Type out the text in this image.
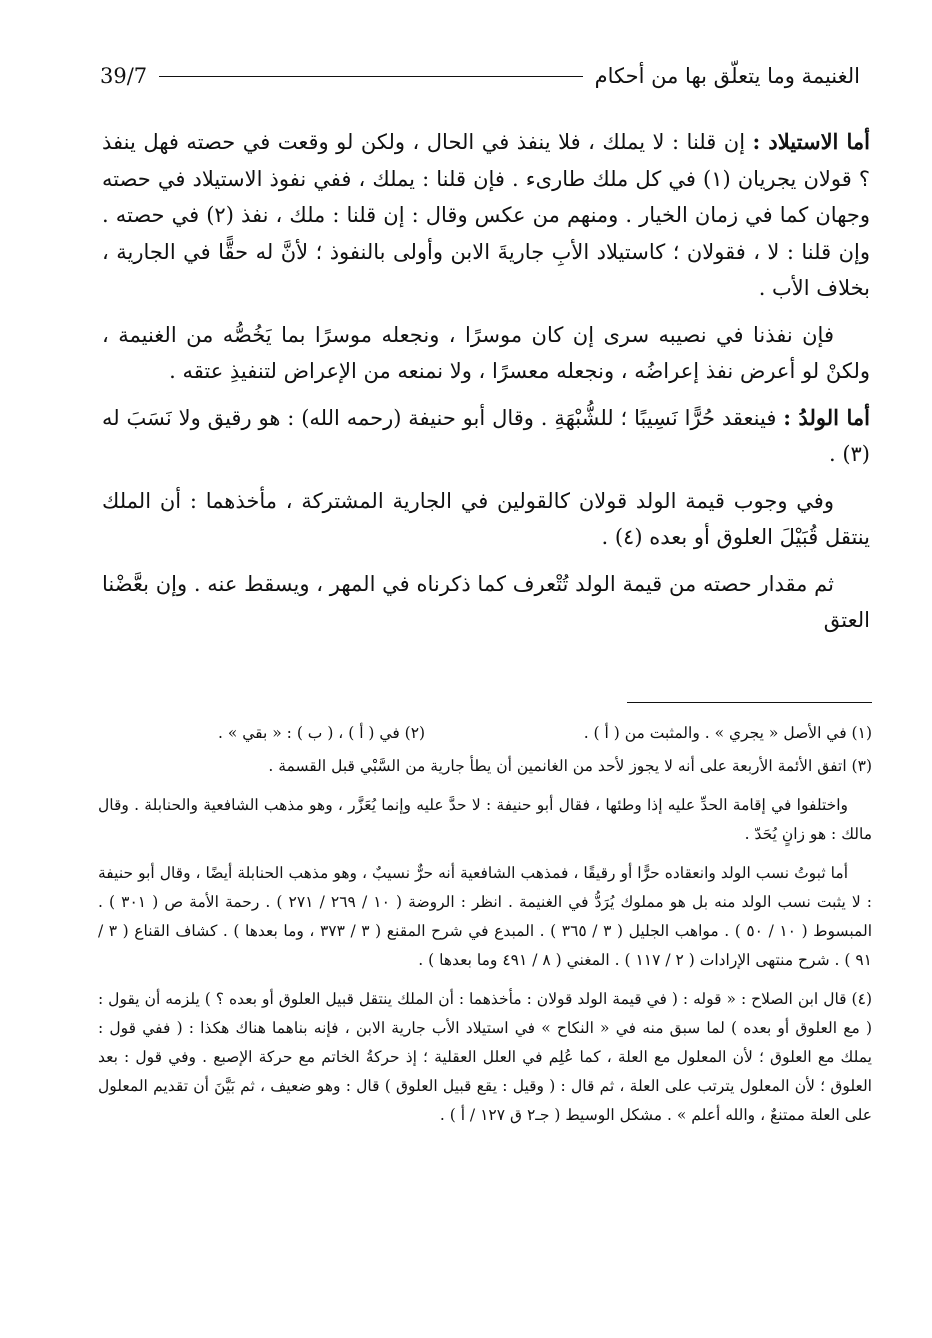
الغنيمة وما يتعلّق بها من أحكام
39/7

أما الاستيلاد : إن قلنا : لا يملك ، فلا ينفذ في الحال ، ولكن لو وقعت في حصته فهل ينفذ ؟ قولان يجريان (١) في كل ملك طارىء . فإن قلنا : يملك ، ففي نفوذ الاستيلاد في حصته وجهان كما في زمان الخيار . ومنهم من عكس وقال : إن قلنا : ملك ، نفذ (٢) في حصته . وإن قلنا : لا ، فقولان ؛ كاستيلاد الأبِ جاريةَ الابن وأولى بالنفوذ ؛ لأنَّ له حقًّا في الجارية ، بخلاف الأب .

فإن نفذنا في نصيبه سرى إن كان موسرًا ، ونجعله موسرًا بما يَخُصُّه من الغنيمة ، ولكنْ لو أعرض نفذ إعراضُه ، ونجعله معسرًا ، ولا نمنعه من الإعراض لتنفيذِ عتقه .

أما الولدُ : فينعقد حُرًّا نَسِيبًا ؛ للشُّبْهَةِ . وقال أبو حنيفة (رحمه الله) : هو رقيق ولا نَسَبَ له (٣) .

وفي وجوب قيمة الولد قولان كالقولين في الجارية المشتركة ، مأخذهما : أن الملك ينتقل قُبَيْلَ العلوق أو بعده (٤) .

ثم مقدار حصته من قيمة الولد تُتْعرف كما ذكرناه في المهر ، ويسقط عنه . وإن بعَّضْنا العتق

(١) في الأصل « يجري » . والمثبت من ( أ ) .
(٢) في ( أ ) ، ( ب ) : « بقي » .

(٣) اتفق الأئمة الأربعة على أنه لا يجوز لأحد من الغانمين أن يطأ جارية من السَّبْي قبل القسمة .

واختلفوا في إقامة الحدِّ عليه إذا وطئها ، فقال أبو حنيفة : لا حدَّ عليه وإنما يُعَزَّر ، وهو مذهب الشافعية والحنابلة . وقال مالك : هو زانٍ يُحَدّ .

أما ثبوتُ نسب الولد وانعقاده حرًّا أو رقيقًا ، فمذهب الشافعية أنه حرٌّ نسيبٌ ، وهو مذهب الحنابلة أيضًا ، وقال أبو حنيفة : لا يثبت نسب الولد منه بل هو مملوك يُرَدُّ في الغنيمة . انظر : الروضة ( ١٠ / ٢٦٩ / ٢٧١ ) . رحمة الأمة ص ( ٣٠١ ) . المبسوط ( ١٠ / ٥٠ ) . مواهب الجليل ( ٣ / ٣٦٥ ) . المبدع في شرح المقنع ( ٣ / ٣٧٣ ، وما بعدها ) . كشاف القناع ( ٣ / ٩١ ) . شرح منتهى الإرادات ( ٢ / ١١٧ ) . المغني ( ٨ / ٤٩١ وما بعدها ) .

(٤) قال ابن الصلاح : « قوله : ( في قيمة الولد قولان : مأخذهما : أن الملك ينتقل قبيل العلوق أو بعده ؟ ) يلزمه أن يقول : ( مع العلوق أو بعده ) لما سبق منه في « النكاح » في استيلاد الأب جارية الابن ، فإنه بناهما هناك هكذا : ( ففي قول : يملك مع العلوق ؛ لأن المعلول مع العلة ، كما عُلِم في العلل العقلية ؛ إذ حركةُ الخاتم مع حركة الإصبع . وفي قول : بعد العلوق ؛ لأن المعلول يترتب على العلة ، ثم قال : ( وقيل : يقع قبيل العلوق ) قال : وهو ضعيف ، ثم بَيَّنَ أن تقديم المعلول على العلة ممتنعٌ ، والله أعلم » . مشكل الوسيط ( جـ٢ ق ١٢٧ / أ ) .
